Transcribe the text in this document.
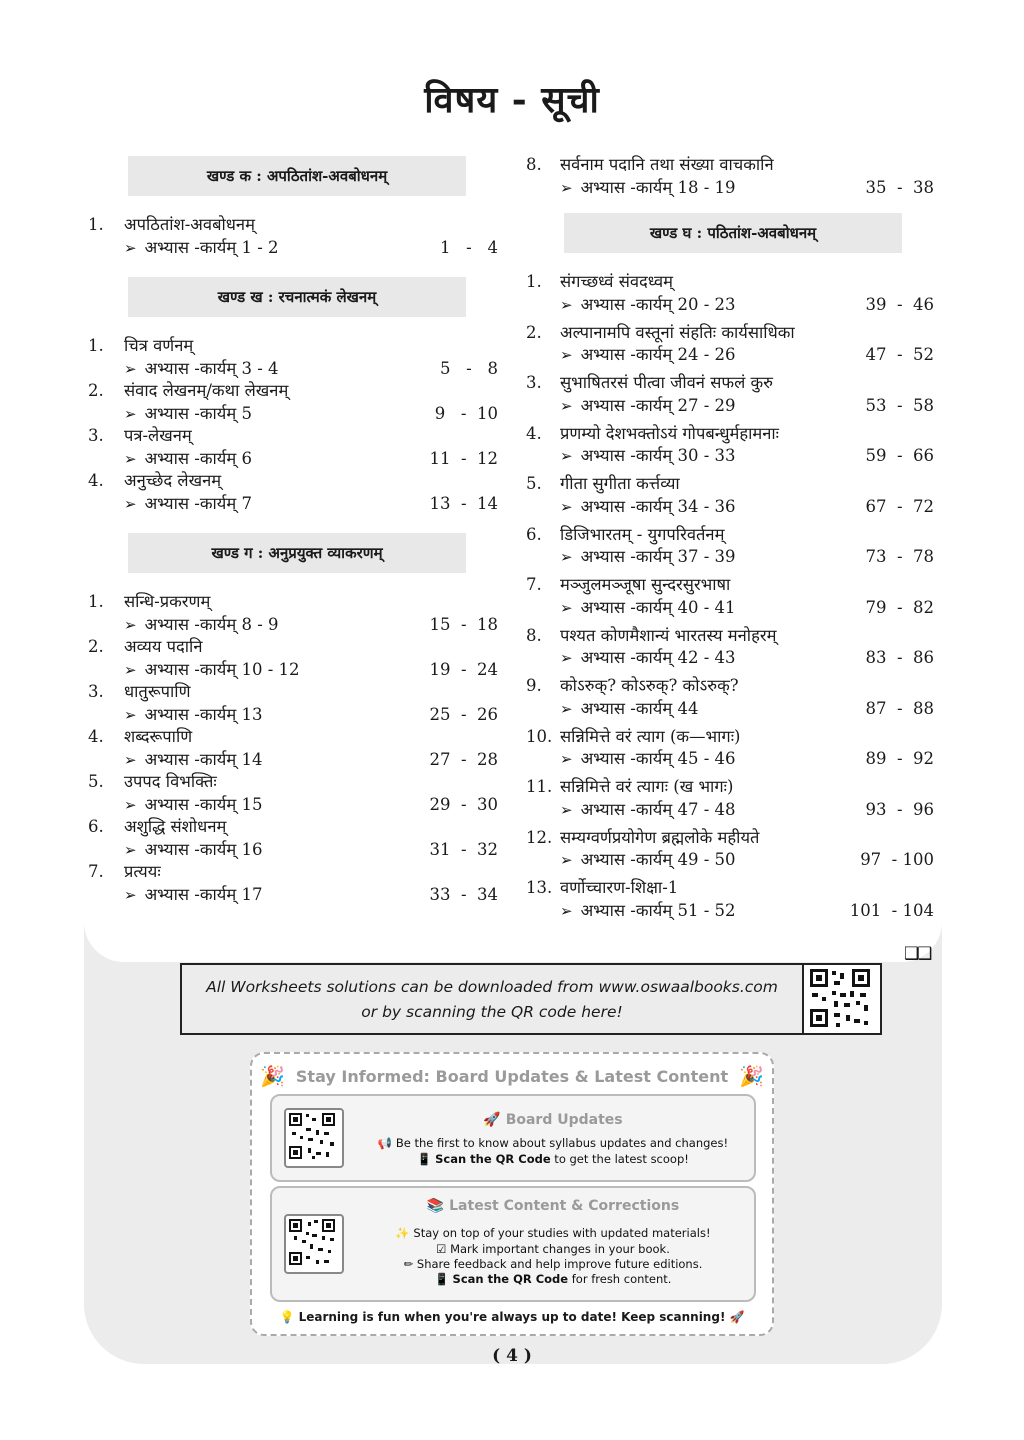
विषय - सूची
खण्ड क : अपठितांश-अवबोधनम्
1. अपठितांश-अवबोधनम्
➢ अभ्यास -कार्यम् 1 - 2	1   -   4
खण्ड ख : रचनात्मकं लेखनम्
1. चित्र वर्णनम्
➢ अभ्यास -कार्यम् 3 - 4	5   -   8
2. संवाद लेखनम्/कथा लेखनम्
➢ अभ्यास -कार्यम् 5	9   -  10
3. पत्र-लेखनम्
➢ अभ्यास -कार्यम् 6	11  -  12
4. अनुच्छेद लेखनम्
➢ अभ्यास -कार्यम् 7	13  -  14
खण्ड ग : अनुप्रयुक्त व्याकरणम्
1. सन्धि-प्रकरणम्
➢ अभ्यास -कार्यम् 8 - 9	15  -  18
2. अव्यय पदानि
➢ अभ्यास -कार्यम् 10 - 12	19  -  24
3. धातुरूपाणि
➢ अभ्यास -कार्यम् 13	25  -  26
4. शब्दरूपाणि
➢ अभ्यास -कार्यम् 14	27  -  28
5. उपपद विभक्तिः
➢ अभ्यास -कार्यम् 15	29  -  30
6. अशुद्धि संशोधनम्
➢ अभ्यास -कार्यम् 16	31  -  32
7. प्रत्ययः
➢ अभ्यास -कार्यम् 17	33  -  34
8. सर्वनाम पदानि तथा संख्या वाचकानि
➢ अभ्यास -कार्यम् 18 - 19	35  -  38
खण्ड घ : पठितांश-अवबोधनम्
1. संगच्छध्वं संवदध्वम्
➢ अभ्यास -कार्यम् 20 - 23	39  -  46
2. अल्पानामपि वस्तूनां संहतिः कार्यसाधिका
➢ अभ्यास -कार्यम् 24 - 26	47  -  52
3. सुभाषितरसं पीत्वा जीवनं सफलं कुरु
➢ अभ्यास -कार्यम् 27 - 29	53  -  58
4. प्रणम्यो देशभक्तोऽयं गोपबन्धुर्महामनाः
➢ अभ्यास -कार्यम् 30 - 33	59  -  66
5. गीता सुगीता कर्त्तव्या
➢ अभ्यास -कार्यम् 34 - 36	67  -  72
6. डिजिभारतम् - युगपरिवर्तनम्
➢ अभ्यास -कार्यम् 37 - 39	73  -  78
7. मञ्जुलमञ्जूषा सुन्दरसुरभाषा
➢ अभ्यास -कार्यम् 40 - 41	79  -  82
8. पश्यत कोणमैशान्यं भारतस्य मनोहरम्
➢ अभ्यास -कार्यम् 42 - 43	83  -  86
9. कोऽरुक्? कोऽरुक्? कोऽरुक्?
➢ अभ्यास -कार्यम् 44	87  -  88
10. सन्निमित्ते वरं त्याग (क—भागः)
➢ अभ्यास -कार्यम् 45 - 46	89  -  92
11. सन्निमित्ते वरं त्यागः (ख भागः)
➢ अभ्यास -कार्यम् 47 - 48	93  -  96
12. सम्यग्वर्णप्रयोगेण ब्रह्मलोके महीयते
➢ अभ्यास -कार्यम् 49 - 50	97  - 100
13. वर्णोच्चारण-शिक्षा-1
➢ अभ्यास -कार्यम् 51 - 52	101  - 104
❑❑
All Worksheets solutions can be downloaded from www.oswaalbooks.com
or by scanning the QR code here!
🎉	🎉
Stay Informed: Board Updates & Latest Content
🚀 Board Updates
📢 Be the first to know about syllabus updates and changes!
📱 Scan the QR Code to get the latest scoop!
📚 Latest Content & Corrections
✨ Stay on top of your studies with updated materials!
☑ Mark important changes in your book.
✏ Share feedback and help improve future editions.
📱 Scan the QR Code for fresh content.
💡 Learning is fun when you're always up to date! Keep scanning! 🚀
( 4 )
